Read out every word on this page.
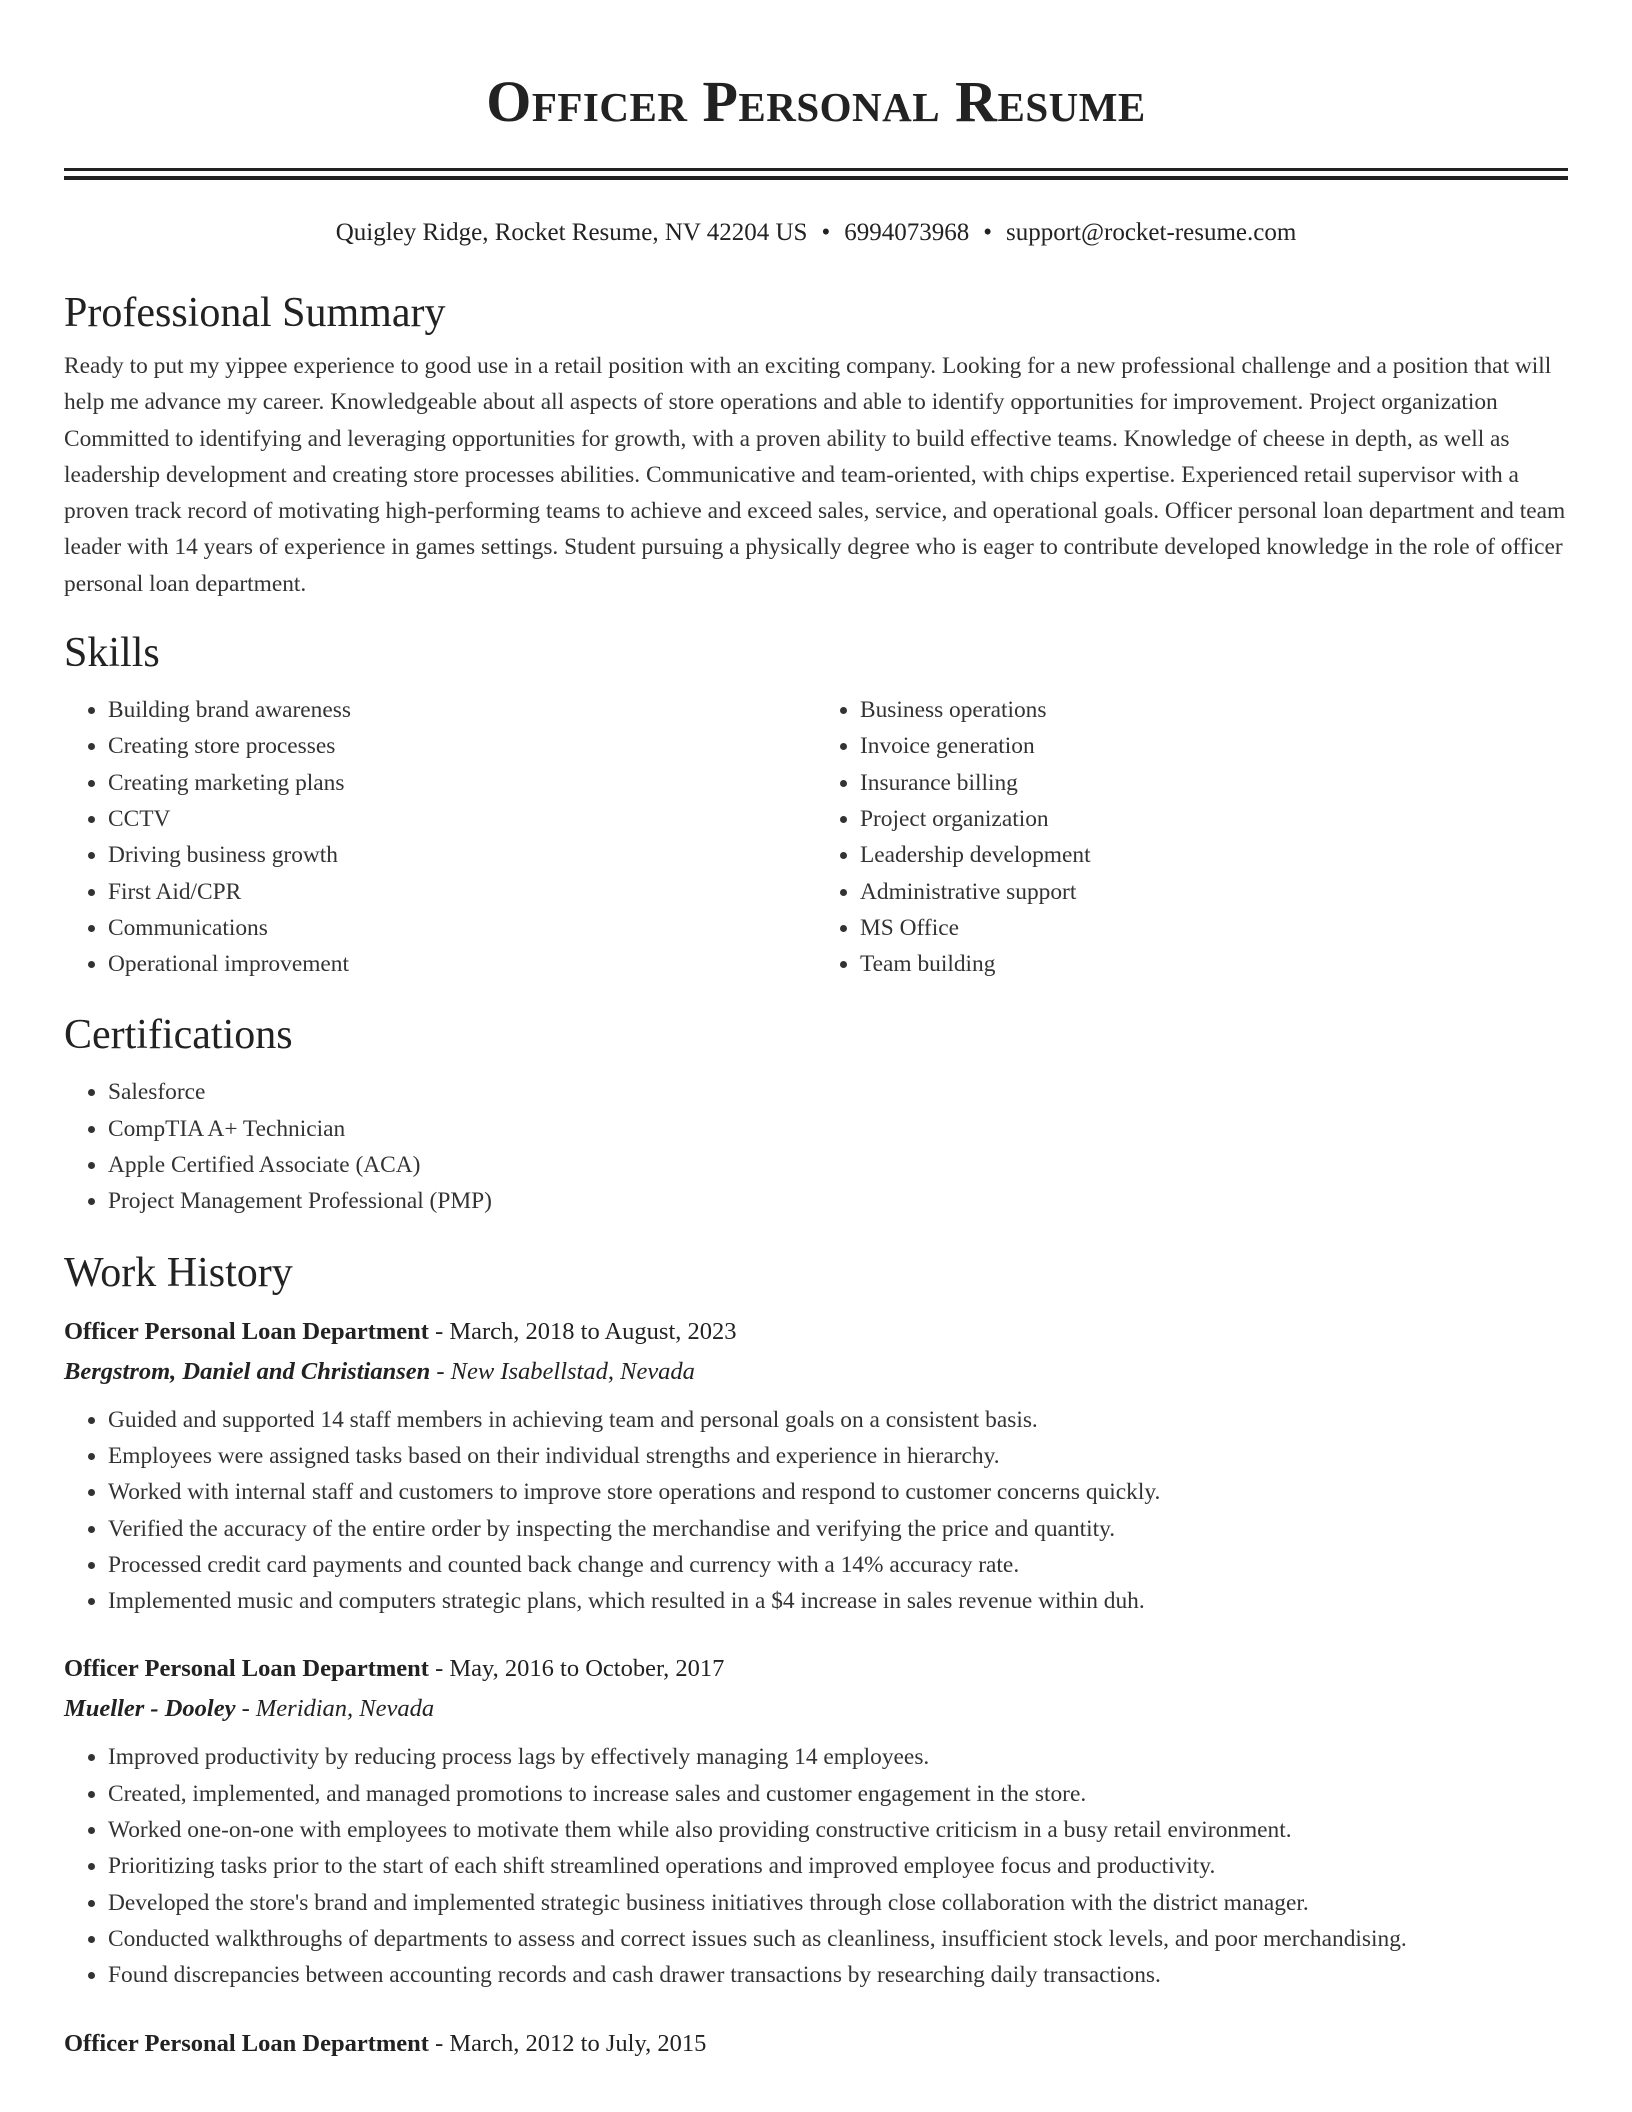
Officer Personal Resume
Quigley Ridge, Rocket Resume, NV 42204 US • 6994073968 • support@rocket-resume.com
Professional Summary
Ready to put my yippee experience to good use in a retail position with an exciting company. Looking for a new professional challenge and a position that will help me advance my career. Knowledgeable about all aspects of store operations and able to identify opportunities for improvement. Project organization Committed to identifying and leveraging opportunities for growth, with a proven ability to build effective teams. Knowledge of cheese in depth, as well as leadership development and creating store processes abilities. Communicative and team-oriented, with chips expertise. Experienced retail supervisor with a proven track record of motivating high-performing teams to achieve and exceed sales, service, and operational goals. Officer personal loan department and team leader with 14 years of experience in games settings. Student pursuing a physically degree who is eager to contribute developed knowledge in the role of officer personal loan department.
Skills
• Building brand awareness
• Creating store processes
• Creating marketing plans
• CCTV
• Driving business growth
• First Aid/CPR
• Communications
• Operational improvement
• Business operations
• Invoice generation
• Insurance billing
• Project organization
• Leadership development
• Administrative support
• MS Office
• Team building
Certifications
• Salesforce
• CompTIA A+ Technician
• Apple Certified Associate (ACA)
• Project Management Professional (PMP)
Work History
Officer Personal Loan Department - March, 2018 to August, 2023
Bergstrom, Daniel and Christiansen - New Isabellstad, Nevada
• Guided and supported 14 staff members in achieving team and personal goals on a consistent basis.
• Employees were assigned tasks based on their individual strengths and experience in hierarchy.
• Worked with internal staff and customers to improve store operations and respond to customer concerns quickly.
• Verified the accuracy of the entire order by inspecting the merchandise and verifying the price and quantity.
• Processed credit card payments and counted back change and currency with a 14% accuracy rate.
• Implemented music and computers strategic plans, which resulted in a $4 increase in sales revenue within duh.
Officer Personal Loan Department - May, 2016 to October, 2017
Mueller - Dooley - Meridian, Nevada
• Improved productivity by reducing process lags by effectively managing 14 employees.
• Created, implemented, and managed promotions to increase sales and customer engagement in the store.
• Worked one-on-one with employees to motivate them while also providing constructive criticism in a busy retail environment.
• Prioritizing tasks prior to the start of each shift streamlined operations and improved employee focus and productivity.
• Developed the store's brand and implemented strategic business initiatives through close collaboration with the district manager.
• Conducted walkthroughs of departments to assess and correct issues such as cleanliness, insufficient stock levels, and poor merchandising.
• Found discrepancies between accounting records and cash drawer transactions by researching daily transactions.
Officer Personal Loan Department - March, 2012 to July, 2015
